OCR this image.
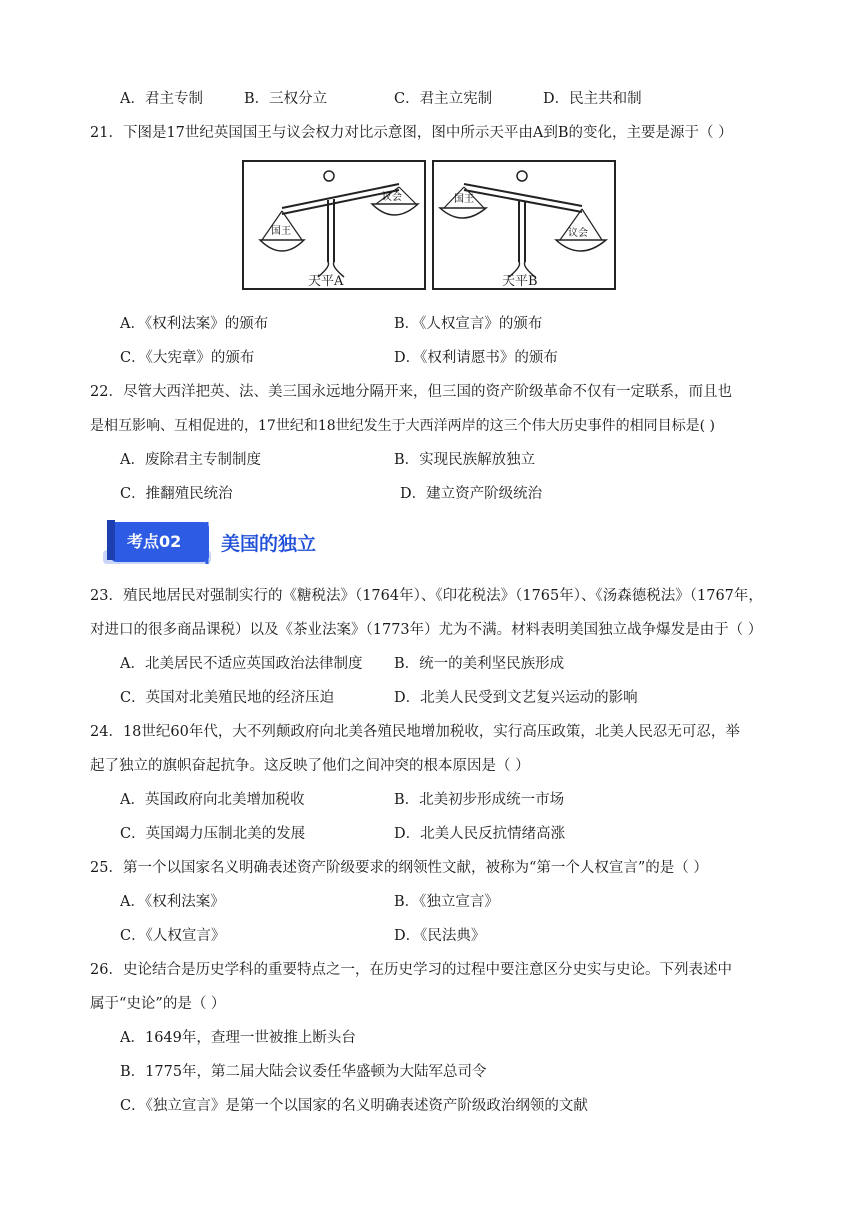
A．君主专制	B．三权分立	C．君主立宪制	D．民主共和制
21．下图是17世纪英国国王与议会权力对比示意图，图中所示天平由A到B的变化，主要是源于（ ）
国王
议会
天平A
国王
议会
天平B
A．《权利法案》的颁布	B．《人权宣言》的颁布
C．《大宪章》的颁布	D．《权利请愿书》的颁布
22．尽管大西洋把英、法、美三国永远地分隔开来，但三国的资产阶级革命不仅有一定联系，而且也
是相互影响、互相促进的，17世纪和18世纪发生于大西洋两岸的这三个伟大历史事件的相同目标是( )
A．废除君主专制制度	B．实现民族解放独立
C．推翻殖民统治	D．建立资产阶级统治
考点02 美国的独立
23．殖民地居民对强制实行的《糖税法》（1764年）、《印花税法》（1765年）、《汤森德税法》（1767年，
对进口的很多商品课税）以及《茶业法案》（1773年）尤为不满。材料表明美国独立战争爆发是由于（ ）
A．北美居民不适应英国政治法律制度 B．统一的美利坚民族形成
C．英国对北美殖民地的经济压迫	D．北美人民受到文艺复兴运动的影响
24．18世纪60年代，大不列颠政府向北美各殖民地增加税收，实行高压政策，北美人民忍无可忍，举
起了独立的旗帜奋起抗争。这反映了他们之间冲突的根本原因是（ ）
A．英国政府向北美增加税收	B．北美初步形成统一市场
C．英国竭力压制北美的发展	D．北美人民反抗情绪高涨
25．第一个以国家名义明确表述资产阶级要求的纲领性文献，被称为“第一个人权宣言”的是（ ）
A．《权利法案》	B．《独立宣言》
C．《人权宣言》	D．《民法典》
26．史论结合是历史学科的重要特点之一，在历史学习的过程中要注意区分史实与史论。下列表述中
属于“史论”的是（ ）
A．1649年，查理一世被推上断头台
B．1775年，第二届大陆会议委任华盛顿为大陆军总司令
C．《独立宣言》是第一个以国家的名义明确表述资产阶级政治纲领的文献
